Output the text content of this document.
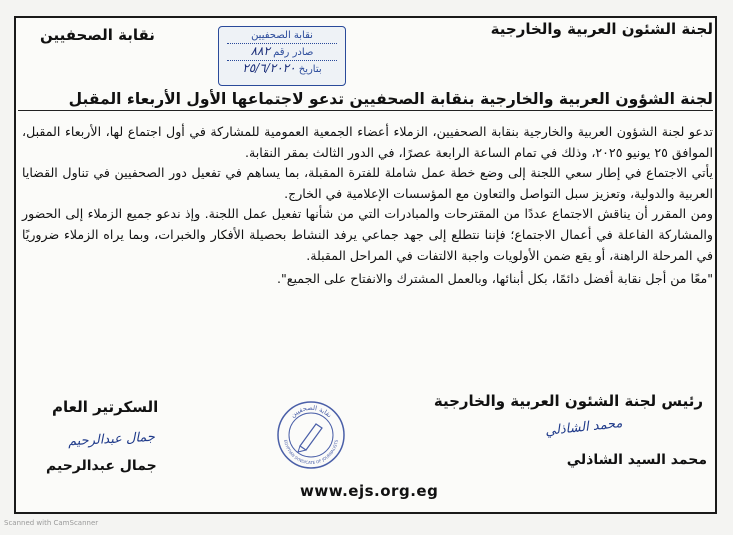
لجنة الشئون العربية والخارجية
نقابة الصحفيين	نقابة الصحفيين
صادر رقم ٨٨٢
بتاريخ ٢٥/٦/٢٠٢٠
لجنة الشؤون العربية والخارجية بنقابة الصحفيين تدعو لاجتماعها الأول الأربعاء المقبل

تدعو لجنة الشؤون العربية والخارجية بنقابة الصحفيين، الزملاء أعضاء الجمعية العمومية للمشاركة في أول اجتماع لها، الأربعاء المقبل، الموافق ٢٥ يونيو ٢٠٢٥، وذلك في تمام الساعة الرابعة عصرًا، في الدور الثالث بمقر النقابة.

يأتي الاجتماع في إطار سعي اللجنة إلى وضع خطة عمل شاملة للفترة المقبلة، بما يساهم في تفعيل دور الصحفيين في تناول القضايا العربية والدولية، وتعزيز سبل التواصل والتعاون مع المؤسسات الإعلامية في الخارج.

ومن المقرر أن يناقش الاجتماع عددًا من المقترحات والمبادرات التي من شأنها تفعيل عمل اللجنة. وإذ ندعو جميع الزملاء إلى الحضور والمشاركة الفاعلة في أعمال الاجتماع؛ فإننا نتطلع إلى جهد جماعي يرفد النشاط بحصيلة الأفكار والخبرات، وبما يراه الزملاء ضروريًا في المرحلة الراهنة، أو يقع ضمن الأولويات واجبة الالتفات في المراحل المقبلة.

"معًا من أجل نقابة أفضل دائمًا، بكل أبنائها، وبالعمل المشترك والانفتاح على الجميع".

رئيس لجنة الشئون العربية والخارجية
محمد الشاذلي
محمد السيد الشاذلي
السكرتير العام
جمال عبدالرحيم
جمال عبدالرحيم
نقابة الصحفيين
EGYPTIAN SYNDICATE OF JOURNALISTS
www.ejs.org.eg
Scanned with CamScanner
